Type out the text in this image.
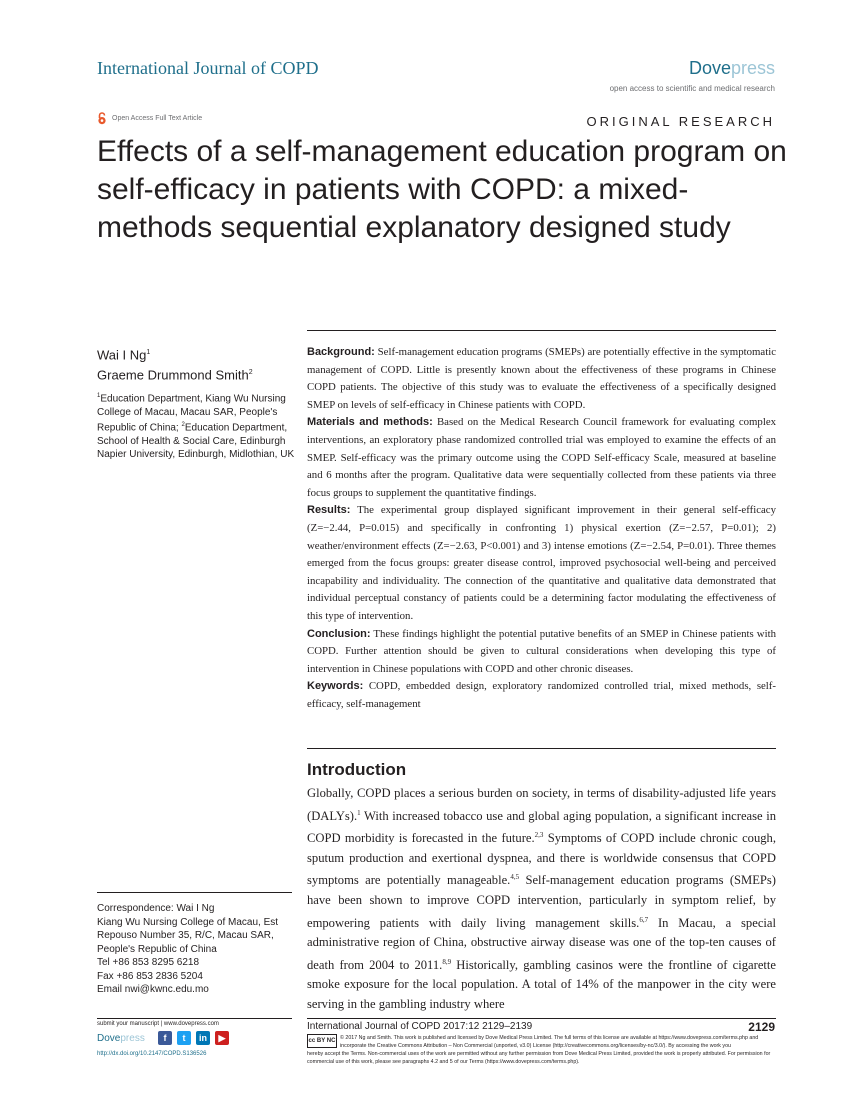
International Journal of COPD	Dovepress
open access to scientific and medical research
Open Access Full Text Article	ORIGINAL RESEARCH
Effects of a self-management education program on self-efficacy in patients with COPD: a mixed-methods sequential explanatory designed study
Wai I Ng$^1$
Graeme Drummond Smith$^2$
$^1$Education Department, Kiang Wu Nursing College of Macau, Macau SAR, People's Republic of China; $^2$Education Department, School of Health & Social Care, Edinburgh Napier University, Edinburgh, Midlothian, UK

Background: Self-management education programs (SMEPs) are potentially effective in the symptomatic management of COPD. Little is presently known about the effectiveness of these programs in Chinese COPD patients. The objective of this study was to evaluate the effectiveness of a specifically designed SMEP on levels of self-efficacy in Chinese patients with COPD.

Materials and methods: Based on the Medical Research Council framework for evaluating complex interventions, an exploratory phase randomized controlled trial was employed to examine the effects of an SMEP. Self-efficacy was the primary outcome using the COPD Self-efficacy Scale, measured at baseline and 6 months after the program. Qualitative data were sequentially collected from these patients via three focus groups to supplement the quantitative findings.

Results: The experimental group displayed significant improvement in their general self-efficacy (Z=−2.44, P=0.015) and specifically in confronting 1) physical exertion (Z=−2.57, P=0.01); 2) weather/environment effects (Z=−2.63, P<0.001) and 3) intense emotions (Z=−2.54, P=0.01). Three themes emerged from the focus groups: greater disease control, improved psychosocial well-being and perceived incapability and individuality. The connection of the quantitative and qualitative data demonstrated that individual perceptual constancy of patients could be a determining factor modulating the effectiveness of this type of intervention.

Conclusion: These findings highlight the potential putative benefits of an SMEP in Chinese patients with COPD. Further attention should be given to cultural considerations when developing this type of intervention in Chinese populations with COPD and other chronic diseases.

Keywords: COPD, embedded design, exploratory randomized controlled trial, mixed methods, self-efficacy, self-management

Introduction

Globally, COPD places a serious burden on society, in terms of disability-adjusted life years (DALYs).$^1$ With increased tobacco use and global aging population, a significant increase in COPD morbidity is forecasted in the future.$^{2,3}$ Symptoms of COPD include chronic cough, sputum production and exertional dyspnea, and there is worldwide consensus that COPD symptoms are potentially manageable.$^{4,5}$ Self-management education programs (SMEPs) have been shown to improve COPD intervention, particularly in symptom relief, by empowering patients with daily living management skills.$^{6,7}$ In Macau, a special administrative region of China, obstructive airway disease was one of the top-ten causes of death from 2004 to 2011.$^{8,9}$ Historically, gambling casinos were the frontline of cigarette smoke exposure for the local population. A total of 14% of the manpower in the city were serving in the gambling industry where

Correspondence: Wai I Ng
Kiang Wu Nursing College of Macau, Est
Repouso Number 35, R/C, Macau SAR,
People's Republic of China
Tel +86 853 8295 6218
Fax +86 853 2836 5204
Email nwi@kwnc.edu.mo
submit your manuscript | www.dovepress.com
Dovepress	f	t	in	▶
http://dx.doi.org/10.2147/COPD.S136526
International Journal of COPD 2017:12 2129–2139	2129
cc BY NC © 2017 Ng and Smith. This work is published and licensed by Dove Medical Press Limited. The full terms of this license are available at https://www.dovepress.com/terms.php and incorporate the Creative Commons Attribution – Non Commercial (unported, v3.0) License (http://creativecommons.org/licenses/by-nc/3.0/). By accessing the work you
hereby accept the Terms. Non-commercial uses of the work are permitted without any further permission from Dove Medical Press Limited, provided the work is properly attributed. For permission for commercial use of this work, please see paragraphs 4.2 and 5 of our Terms (https://www.dovepress.com/terms.php).
